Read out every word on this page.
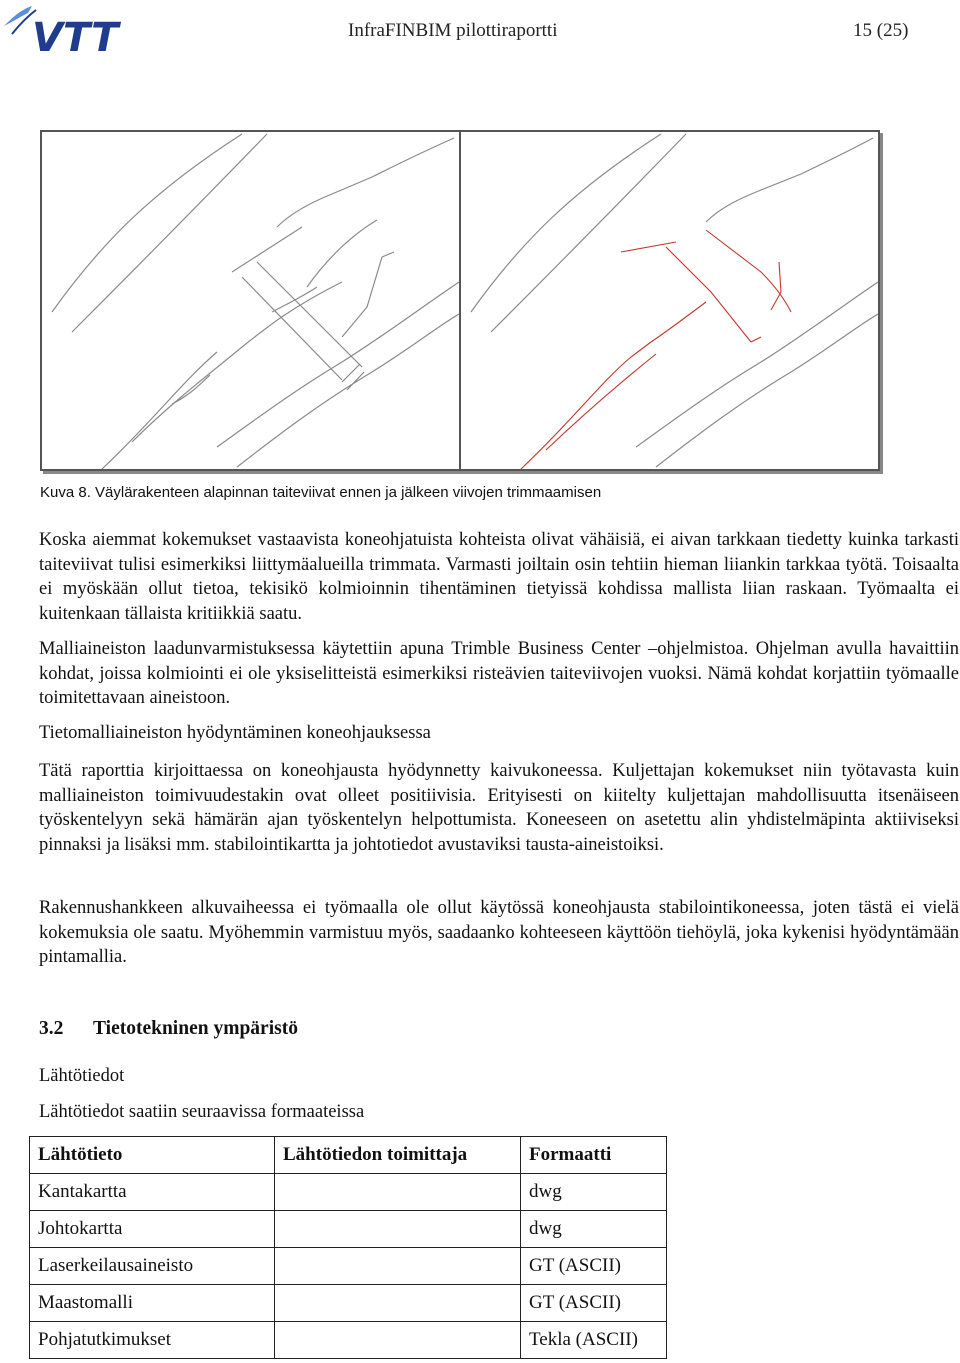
VTT	InfraFINBIM pilottiraportti	15 (25)
Kuva 8. Väylärakenteen alapinnan taiteviivat ennen ja jälkeen viivojen trimmaamisen
Koska aiemmat kokemukset vastaavista koneohjatuista kohteista olivat vähäisiä, ei aivan tarkkaan tiedetty kuinka tarkasti taiteviivat tulisi esimerkiksi liittymäalueilla trimmata. Varmasti joiltain osin tehtiin hieman liiankin tarkkaa työtä. Toisaalta ei myöskään ollut tietoa, tekisikö kolmioinnin tihentäminen tietyissä kohdissa mallista liian raskaan. Työmaalta ei kuitenkaan tällaista kritiikkiä saatu.
Malliaineiston laadunvarmistuksessa käytettiin apuna Trimble Business Center –ohjelmistoa. Ohjelman avulla havaittiin kohdat, joissa kolmiointi ei ole yksiselitteistä esimerkiksi risteävien taiteviivojen vuoksi. Nämä kohdat korjattiin työmaalle toimitettavaan aineistoon.
Tietomalliaineiston hyödyntäminen koneohjauksessa
Tätä raporttia kirjoittaessa on koneohjausta hyödynnetty kaivukoneessa. Kuljettajan kokemukset niin työtavasta kuin malliaineiston toimivuudestakin ovat olleet positiivisia. Erityisesti on kiitelty kuljettajan mahdollisuutta itsenäiseen työskentelyyn sekä hämärän ajan työskentelyn helpottumista. Koneeseen on asetettu alin yhdistelmäpinta aktiiviseksi pinnaksi ja lisäksi mm. stabilointikartta ja johtotiedot avustaviksi tausta-aineistoiksi.
Rakennushankkeen alkuvaiheessa ei työmaalla ole ollut käytössä koneohjausta stabilointikoneessa, joten tästä ei vielä kokemuksia ole saatu. Myöhemmin varmistuu myös, saadaanko kohteeseen käyttöön tiehöylä, joka kykenisi hyödyntämään pintamallia.
3.2 Tietotekninen ympäristö
Lähtötiedot
Lähtötiedot saatiin seuraavissa formaateissa
Lähtötieto	Lähtötiedon toimittaja	Formaatti
Kantakartta		dwg
Johtokartta		dwg
Laserkeilausaineisto		GT (ASCII)
Maastomalli		GT (ASCII)
Pohjatutkimukset		Tekla (ASCII)
